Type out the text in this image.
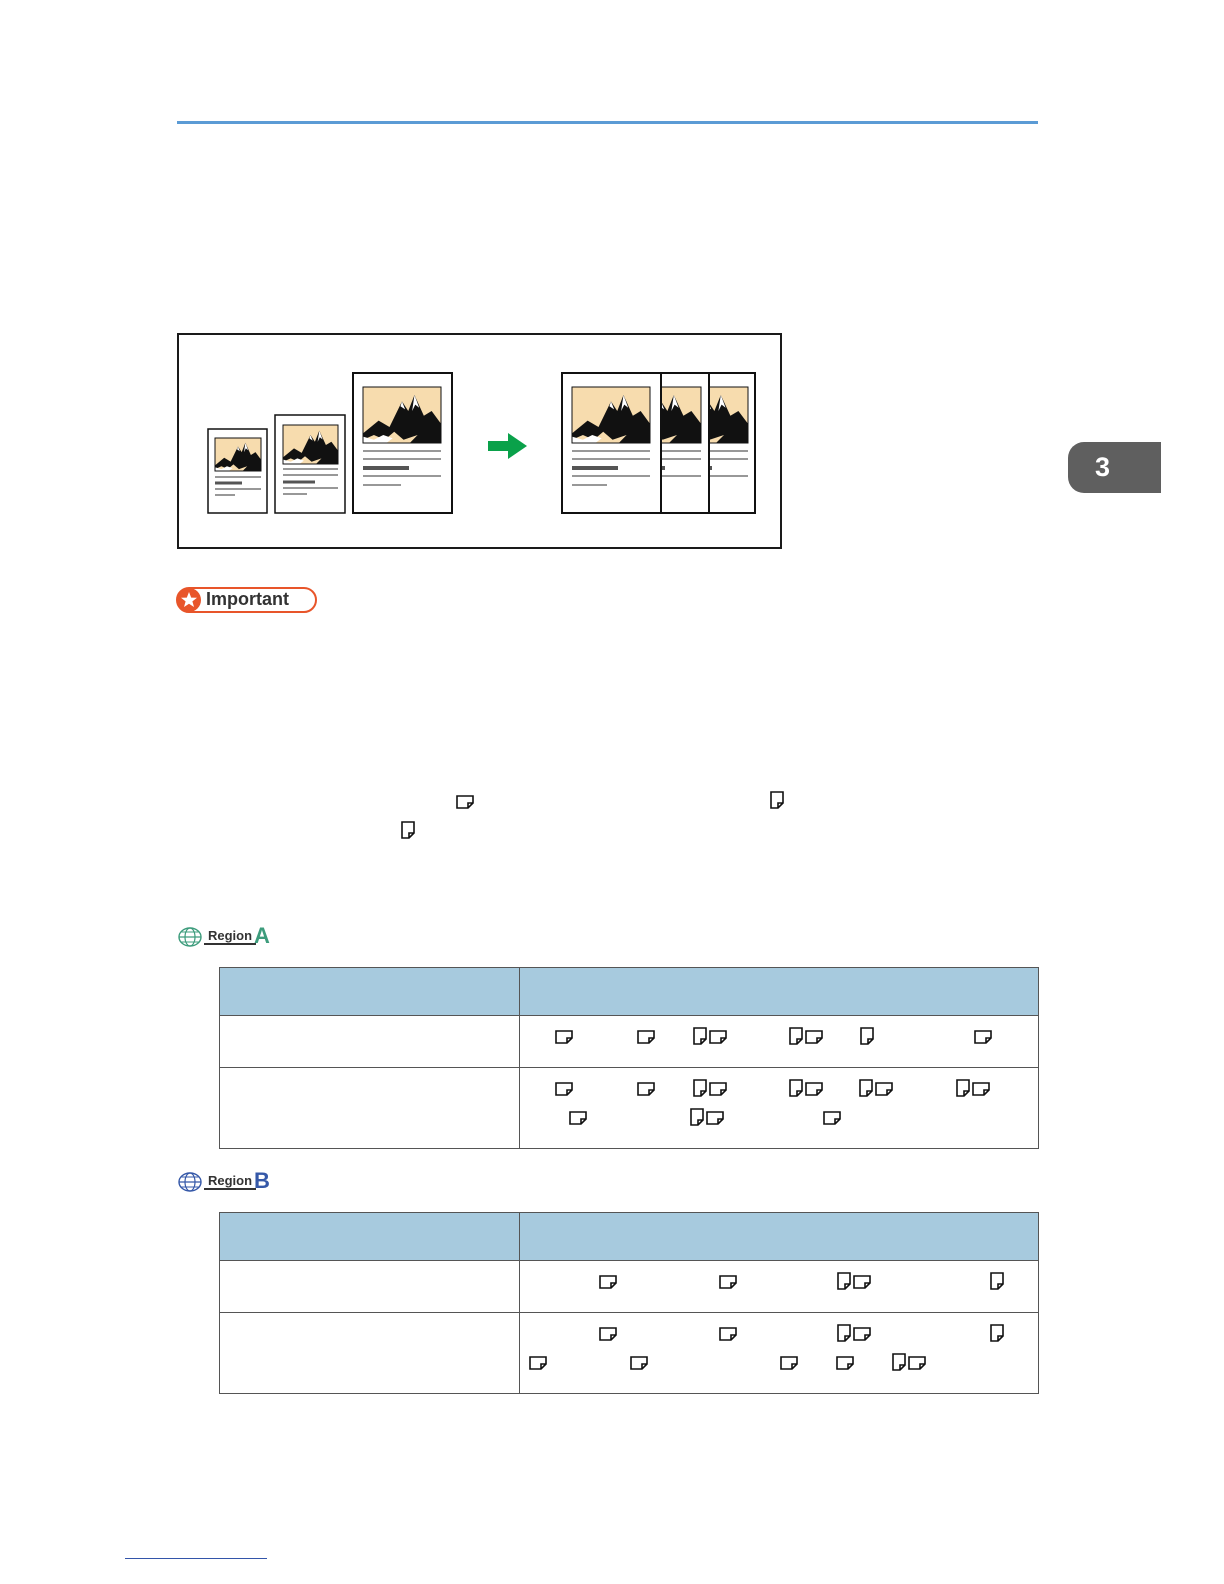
3
Important
Region A

Region B
